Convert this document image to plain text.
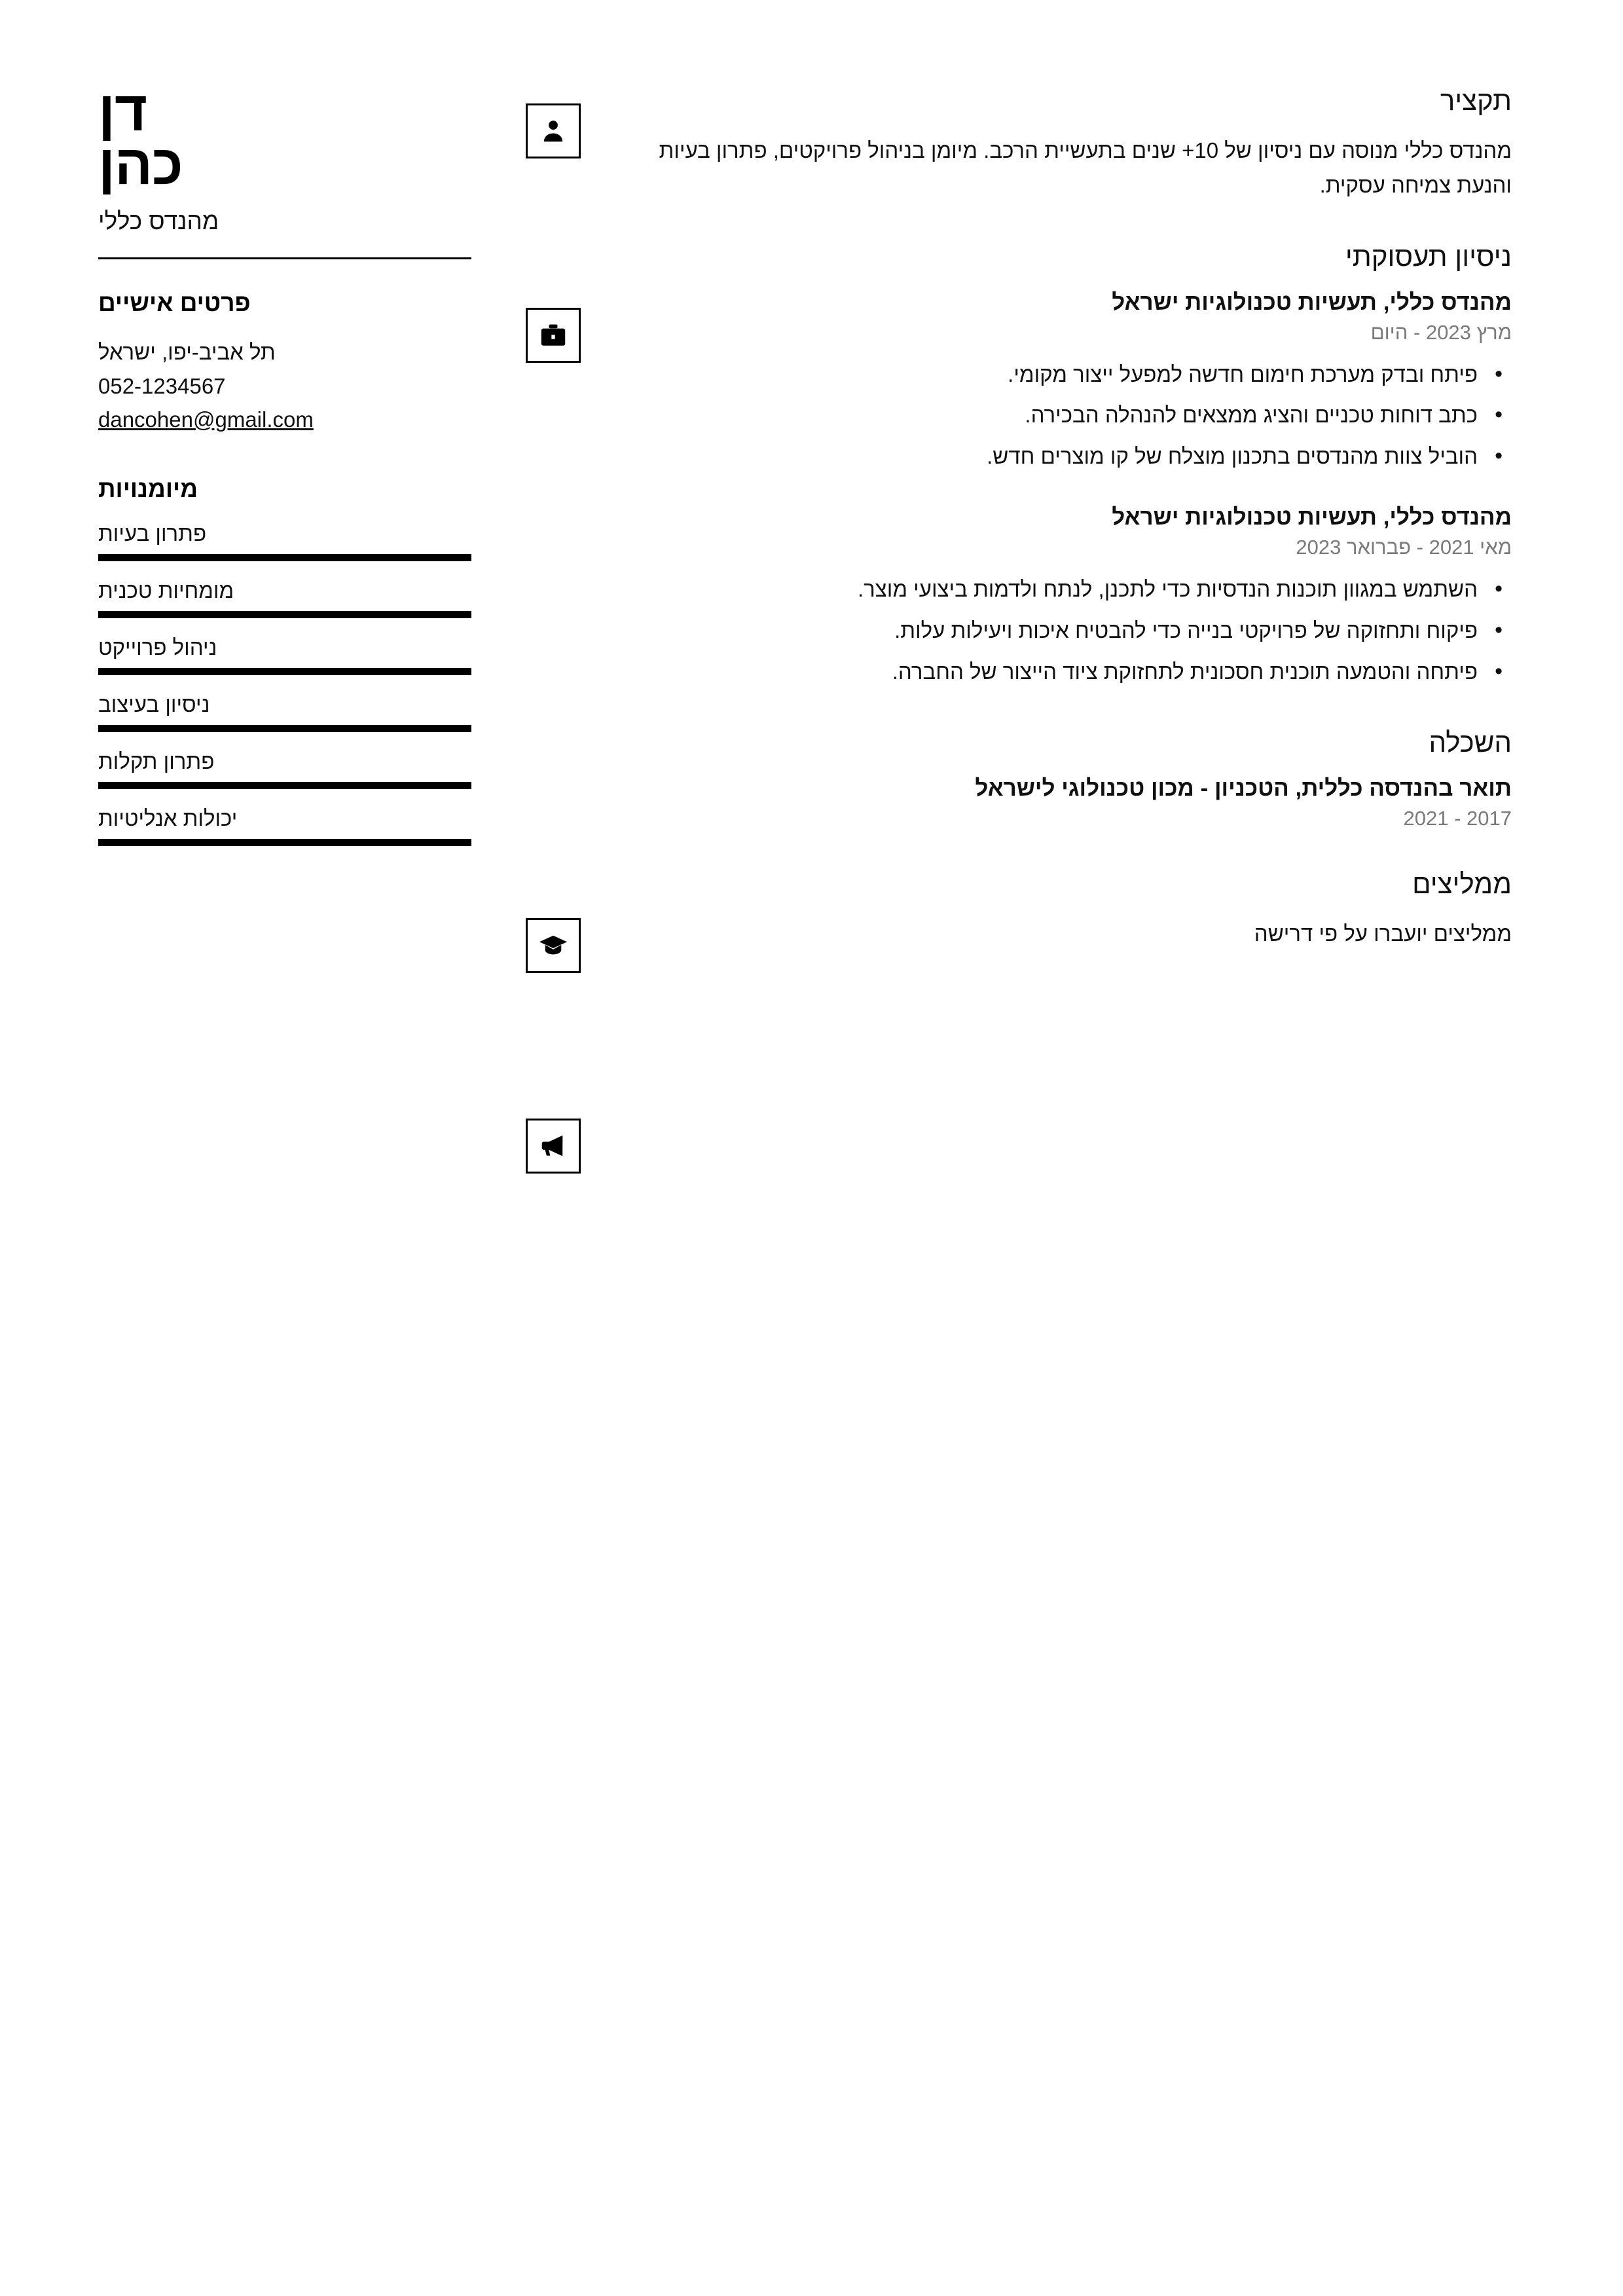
תקציר
מהנדס כללי מנוסה עם ניסיון של 10+ שנים בתעשיית הרכב. מיומן בניהול פרויקטים, פתרון בעיות והנעת צמיחה עסקית.
ניסיון תעסוקתי
מהנדס כללי, תעשיות טכנולוגיות ישראל
מרץ 2023 - היום
• פיתח ובדק מערכת חימום חדשה למפעל ייצור מקומי.
• כתב דוחות טכניים והציג ממצאים להנהלה הבכירה.
• הוביל צוות מהנדסים בתכנון מוצלח של קו מוצרים חדש.
מהנדס כללי, תעשיות טכנולוגיות ישראל
מאי 2021 - פברואר 2023
• השתמש במגוון תוכנות הנדסיות כדי לתכנן, לנתח ולדמות ביצועי מוצר.
• פיקוח ותחזוקה של פרויקטי בנייה כדי להבטיח איכות ויעילות עלות.
• פיתחה והטמעה תוכנית חסכונית לתחזוקת ציוד הייצור של החברה.
השכלה
תואר בהנדסה כללית, הטכניון - מכון טכנולוגי לישראל
2017 - 2021
ממליצים
ממליצים יועברו על פי דרישה
דן
כהן
מהנדס כללי
פרטים אישיים
תל אביב-יפו, ישראל
052-1234567
dancohen@gmail.com
מיומנויות
פתרון בעיות
מומחיות טכנית
ניהול פרוייקט
ניסיון בעיצוב
פתרון תקלות
יכולות אנליטיות
